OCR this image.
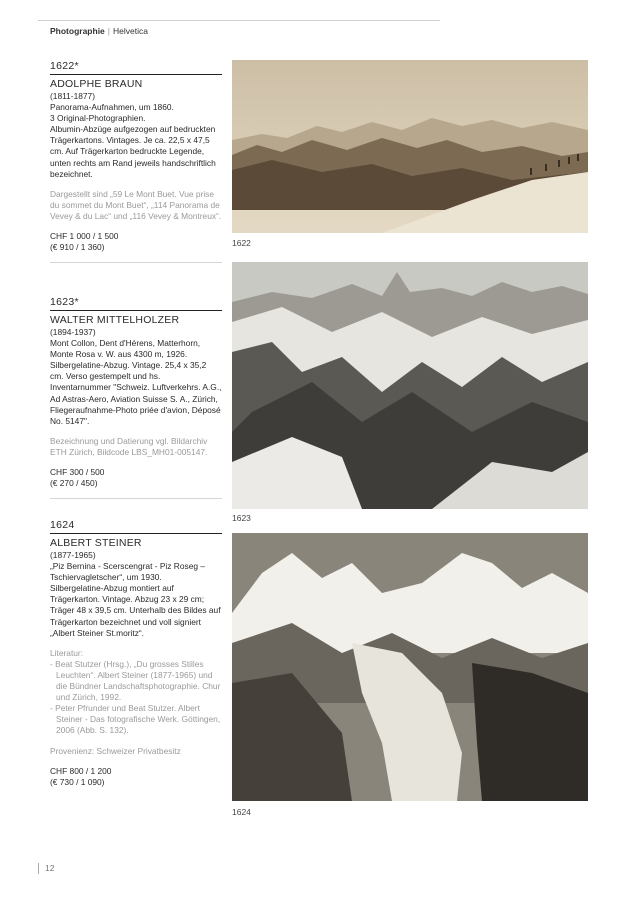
Photographie | Helvetica
1622*
ADOLPHE BRAUN

(1811-1877)

Panorama-Aufnahmen, um 1860.

3 Original-Photographien.

Albumin-Abzüge aufgezogen auf bedruckten Trägerkartons. Vintages. Je ca. 22,5 x 47,5 cm. Auf Trägerkarton bedruckte Legende, unten rechts am Rand jeweils handschriftlich bezeichnet.

Dargestellt sind „59 Le Mont Buet. Vue prise du sommet du Mont Buet“, „114 Panorama de Vevey & du Lac“ und „116 Vevey & Montreux“.

CHF 1 000 / 1 500

(€ 910 / 1 360)

1623*
WALTER MITTELHOLZER

(1894-1937)

Mont Collon, Dent d'Hérens, Matterhorn, Monte Rosa v. W. aus 4300 m, 1926.

Silbergelatine-Abzug. Vintage. 25,4 x 35,2 cm. Verso gestempelt und hs. Inventarnummer "Schweiz. Luftverkehrs. A.G., Ad Astras-Aero, Aviation Suisse S. A., Zürich, Fliegeraufnahme-Photo priée d'avion, Déposé No. 5147".

Bezeichnung und Datierung vgl. Bildarchiv ETH Zürich, Bildcode LBS_MH01-005147.

CHF 300 / 500

(€ 270 / 450)

1624
ALBERT STEINER

(1877-1965)

„Piz Bernina - Scerscengrat - Piz Roseg – Tschiervagletscher“, um 1930.

Silbergelatine-Abzug montiert auf Trägerkarton. Vintage. Abzug 23 x 29 cm; Träger 48 x 39,5 cm. Unterhalb des Bildes auf Trägerkarton bezeichnet und voll signiert „Albert Steiner St.moritz“.

Literatur:

- Beat Stutzer (Hrsg.), „Du grosses Stilles Leuchten“. Albert Steiner (1877-1965) und die Bündner Landschaftsphotographie. Chur und Zürich, 1992.
- Peter Pfrunder und Beat Stutzer. Albert Steiner - Das fotografische Werk. Göttingen, 2006 (Abb. S. 132).

Provenienz: Schweizer Privatbesitz

CHF 800 / 1 200

(€ 730 / 1 090)

1622
1623
1624
12
